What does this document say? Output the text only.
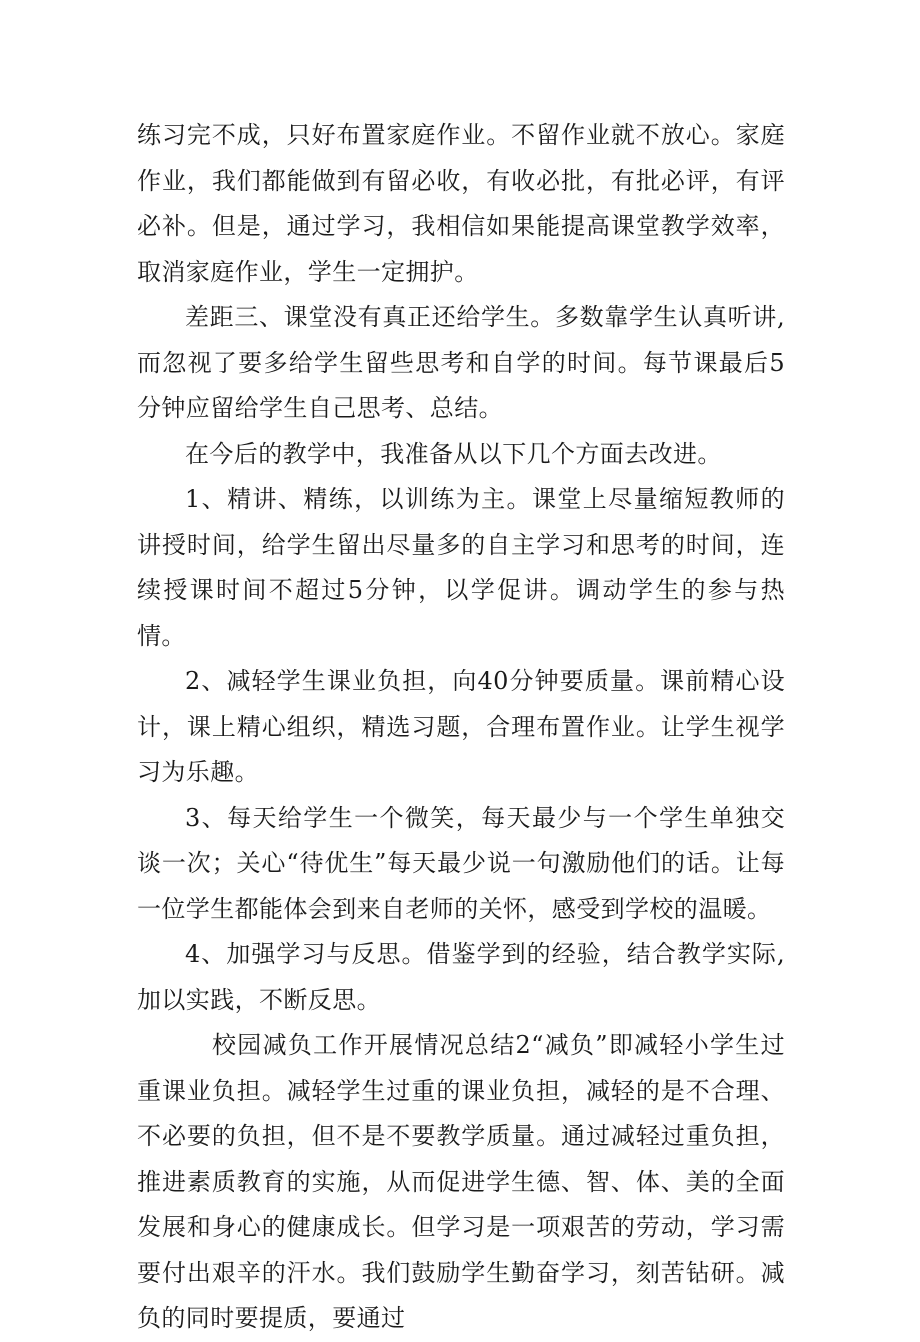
练习完不成，只好布置家庭作业。不留作业就不放心。家庭作业，我们都能做到有留必收，有收必批，有批必评，有评必补。但是，通过学习，我相信如果能提高课堂教学效率，取消家庭作业，学生一定拥护。

差距三、课堂没有真正还给学生。多数靠学生认真听讲,而忽视了要多给学生留些思考和自学的时间。每节课最后5分钟应留给学生自己思考、总结。

在今后的教学中，我准备从以下几个方面去改进。

1、精讲、精练，以训练为主。课堂上尽量缩短教师的讲授时间，给学生留出尽量多的自主学习和思考的时间，连续授课时间不超过5分钟，以学促讲。调动学生的参与热情。

2、减轻学生课业负担，向40分钟要质量。课前精心设计，课上精心组织，精选习题，合理布置作业。让学生视学习为乐趣。

3、每天给学生一个微笑，每天最少与一个学生单独交谈一次；关心“待优生”每天最少说一句激励他们的话。让每一位学生都能体会到来自老师的关怀，感受到学校的温暖。

4、加强学习与反思。借鉴学到的经验，结合教学实际,加以实践，不断反思。

校园减负工作开展情况总结2“减负”即减轻小学生过重课业负担。减轻学生过重的课业负担，减轻的是不合理、不必要的负担，但不是不要教学质量。通过减轻过重负担，推进素质教育的实施，从而促进学生德、智、体、美的全面发展和身心的健康成长。但学习是一项艰苦的劳动，学习需要付出艰辛的汗水。我们鼓励学生勤奋学习，刻苦钻研。减负的同时要提质，要通过
